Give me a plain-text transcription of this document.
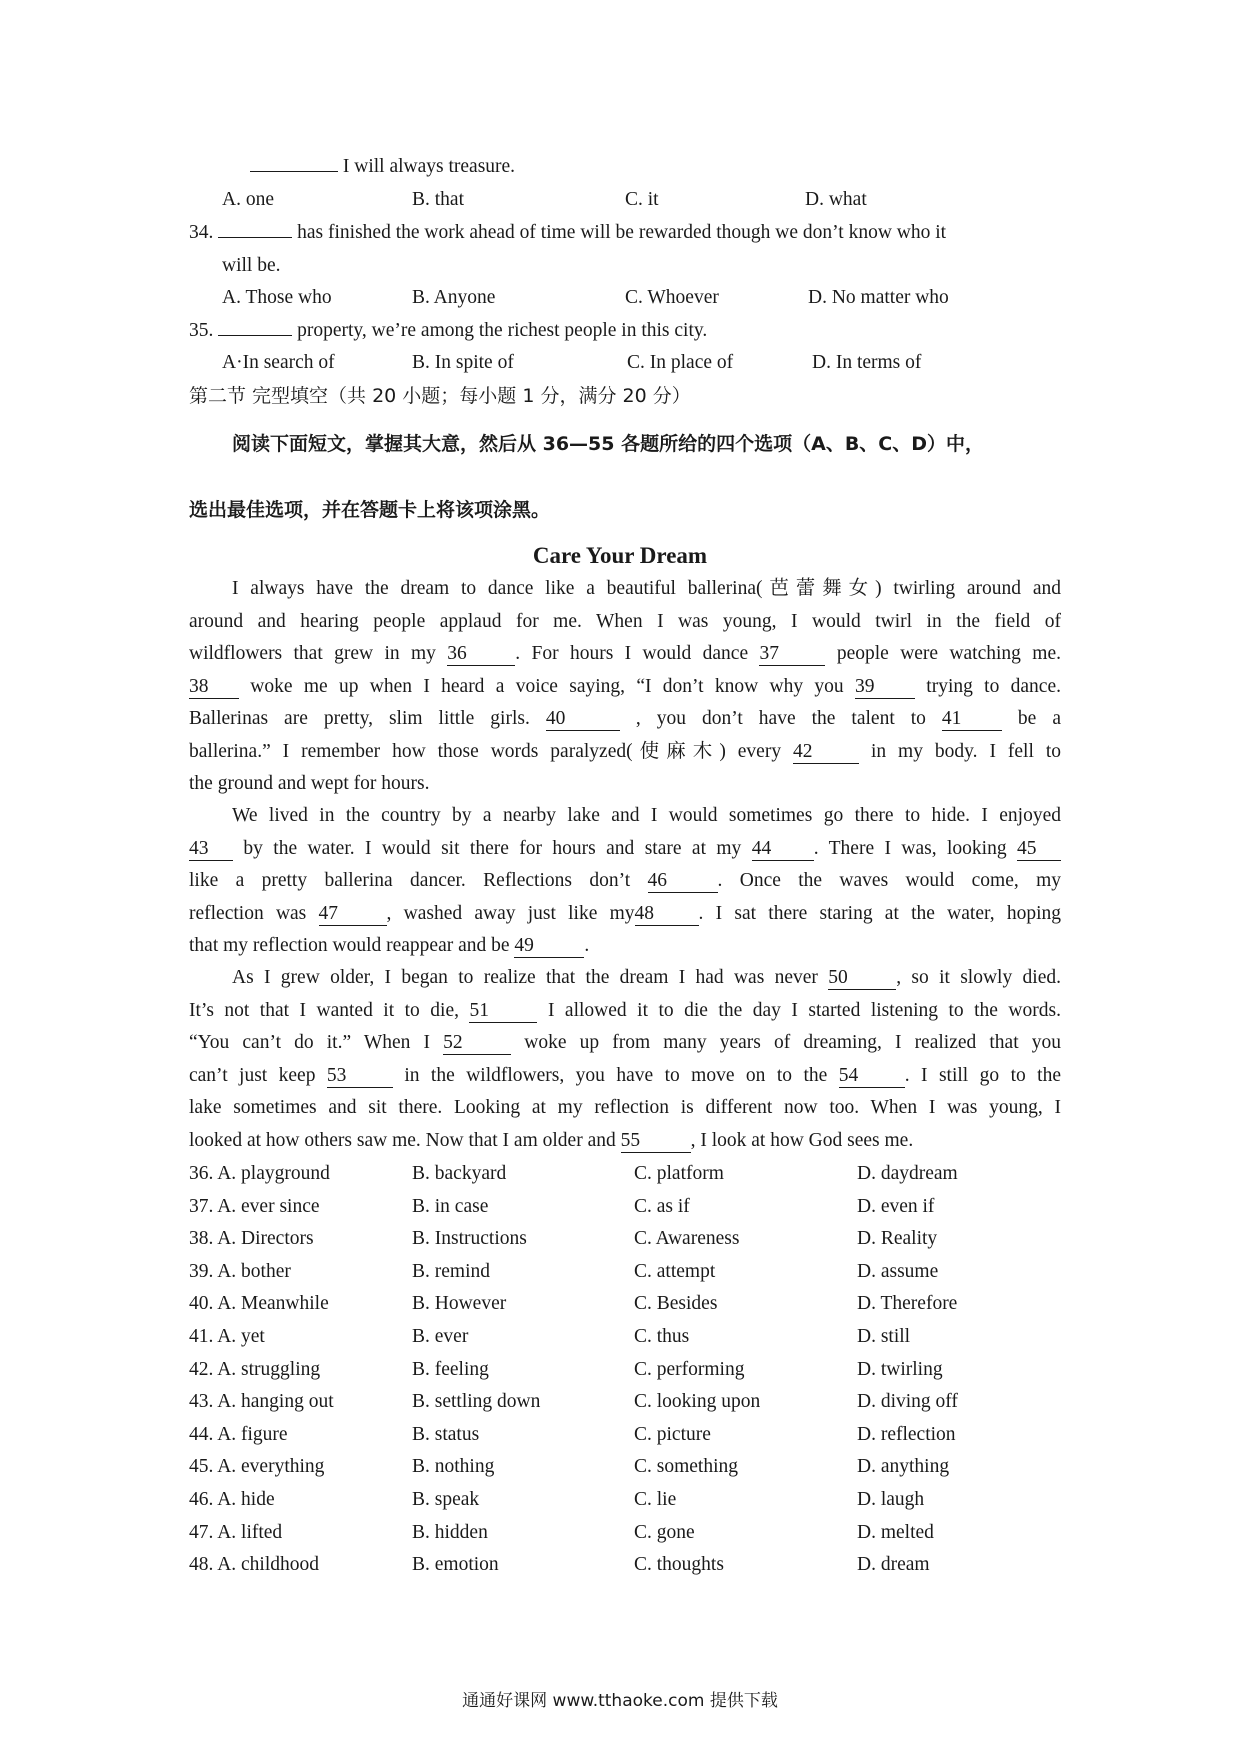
I will always treasure.
A. one	B. that	C. it	D. what
34.	has finished the work ahead of time will be rewarded though we don’t know who it
will be.
A. Those who	B. Anyone	C. Whoever	D. No matter who
35.	property, we’re among the richest people in this city.
A·In search of	B. In spite of	C. In place of	D. In terms of
第二节 完型填空（共 20 小题；每小题 1 分，满分 20 分）
阅读下面短文，掌握其大意，然后从 36—55 各题所给的四个选项（A、B、C、D）中，
选出最佳选项，并在答题卡上将该项涂黑。
Care Your Dream
I always have the dream to dance like a beautiful ballerina(芭蕾舞女) twirling around and
around and hearing people applaud for me. When I was young, I would twirl in the field of
wildflowers that grew in my 36 . For hours I would dance 37 people were watching me.
38 woke me up when I heard a voice saying, “I don’t know why you 39 trying to dance.
Ballerinas are pretty, slim little girls. 40	, you don’t have the talent to 41 be a
ballerina.” I remember how those words paralyzed(使麻木) every 42 in my body. I fell to
the ground and wept for hours.
We lived in the country by a nearby lake and I would sometimes go there to hide. I enjoyed
43 by the water. I would sit there for hours and stare at my 44 . There I was, looking 45
like a pretty ballerina dancer. Reflections don’t 46	. Once the waves would come, my
reflection was 47 , washed away just like my48 . I sat there staring at the water, hoping
that my reflection would reappear and be 49	.
As I grew older, I began to realize that the dream I had was never 50 , so it slowly died.
It’s not that I wanted it to die, 51 I allowed it to die the day I started listening to the words.
“You can’t do it.” When I 52 woke up from many years of dreaming, I realized that you
can’t just keep 53 in the wildflowers, you have to move on to the 54 . I still go to the
lake sometimes and sit there. Looking at my reflection is different now too. When I was young, I
looked at how others saw me. Now that I am older and 55	, I look at how God sees me.
36. A. playground	B. backyard	C. platform	D. daydream
37. A. ever since	B. in case	C. as if	D. even if
38. A. Directors	B. Instructions	C. Awareness	D. Reality
39. A. bother	B. remind	C. attempt	D. assume
40. A. Meanwhile	B. However	C. Besides	D. Therefore
41. A. yet	B. ever	C. thus	D. still
42. A. struggling	B. feeling	C. performing	D. twirling
43. A. hanging out	B. settling down	C. looking upon	D. diving off
44. A. figure	B. status	C. picture	D. reflection
45. A. everything	B. nothing	C. something	D. anything
46. A. hide	B. speak	C. lie	D. laugh
47. A. lifted	B. hidden	C. gone	D. melted
48. A. childhood	B. emotion	C. thoughts	D. dream
通通好课网 www.tthaoke.com 提供下载
